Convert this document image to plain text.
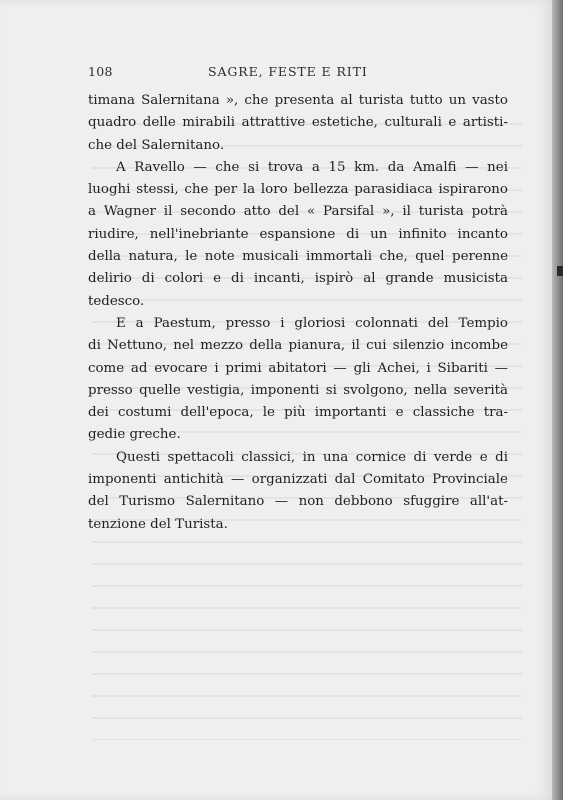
108	SAGRE, FESTE E RITI
timana Salernitana », che presenta al turista tutto un vasto
quadro delle mirabili attrattive estetiche, culturali e artisti-
che del Salernitano.
A Ravello — che si trova a 15 km. da Amalfi — nei
luoghi stessi, che per la loro bellezza parasidiaca ispirarono
a Wagner il secondo atto del « Parsifal », il turista potrà
riudire, nell'inebriante espansione di un infinito incanto
della natura, le note musicali immortali che, quel perenne
delirio di colori e di incanti, ispirò al grande musicista
tedesco.
E a Paestum, presso i gloriosi colonnati del Tempio
di Nettuno, nel mezzo della pianura, il cui silenzio incombe
come ad evocare i primi abitatori — gli Achei, i Sibariti —
presso quelle vestigia, imponenti si svolgono, nella severità
dei costumi dell'epoca, le più importanti e classiche tra-
gedie greche.
Questi spettacoli classici, in una cornice di verde e di
imponenti antichità — organizzati dal Comitato Provinciale
del Turismo Salernitano — non debbono sfuggire all'at-
tenzione del Turista.
